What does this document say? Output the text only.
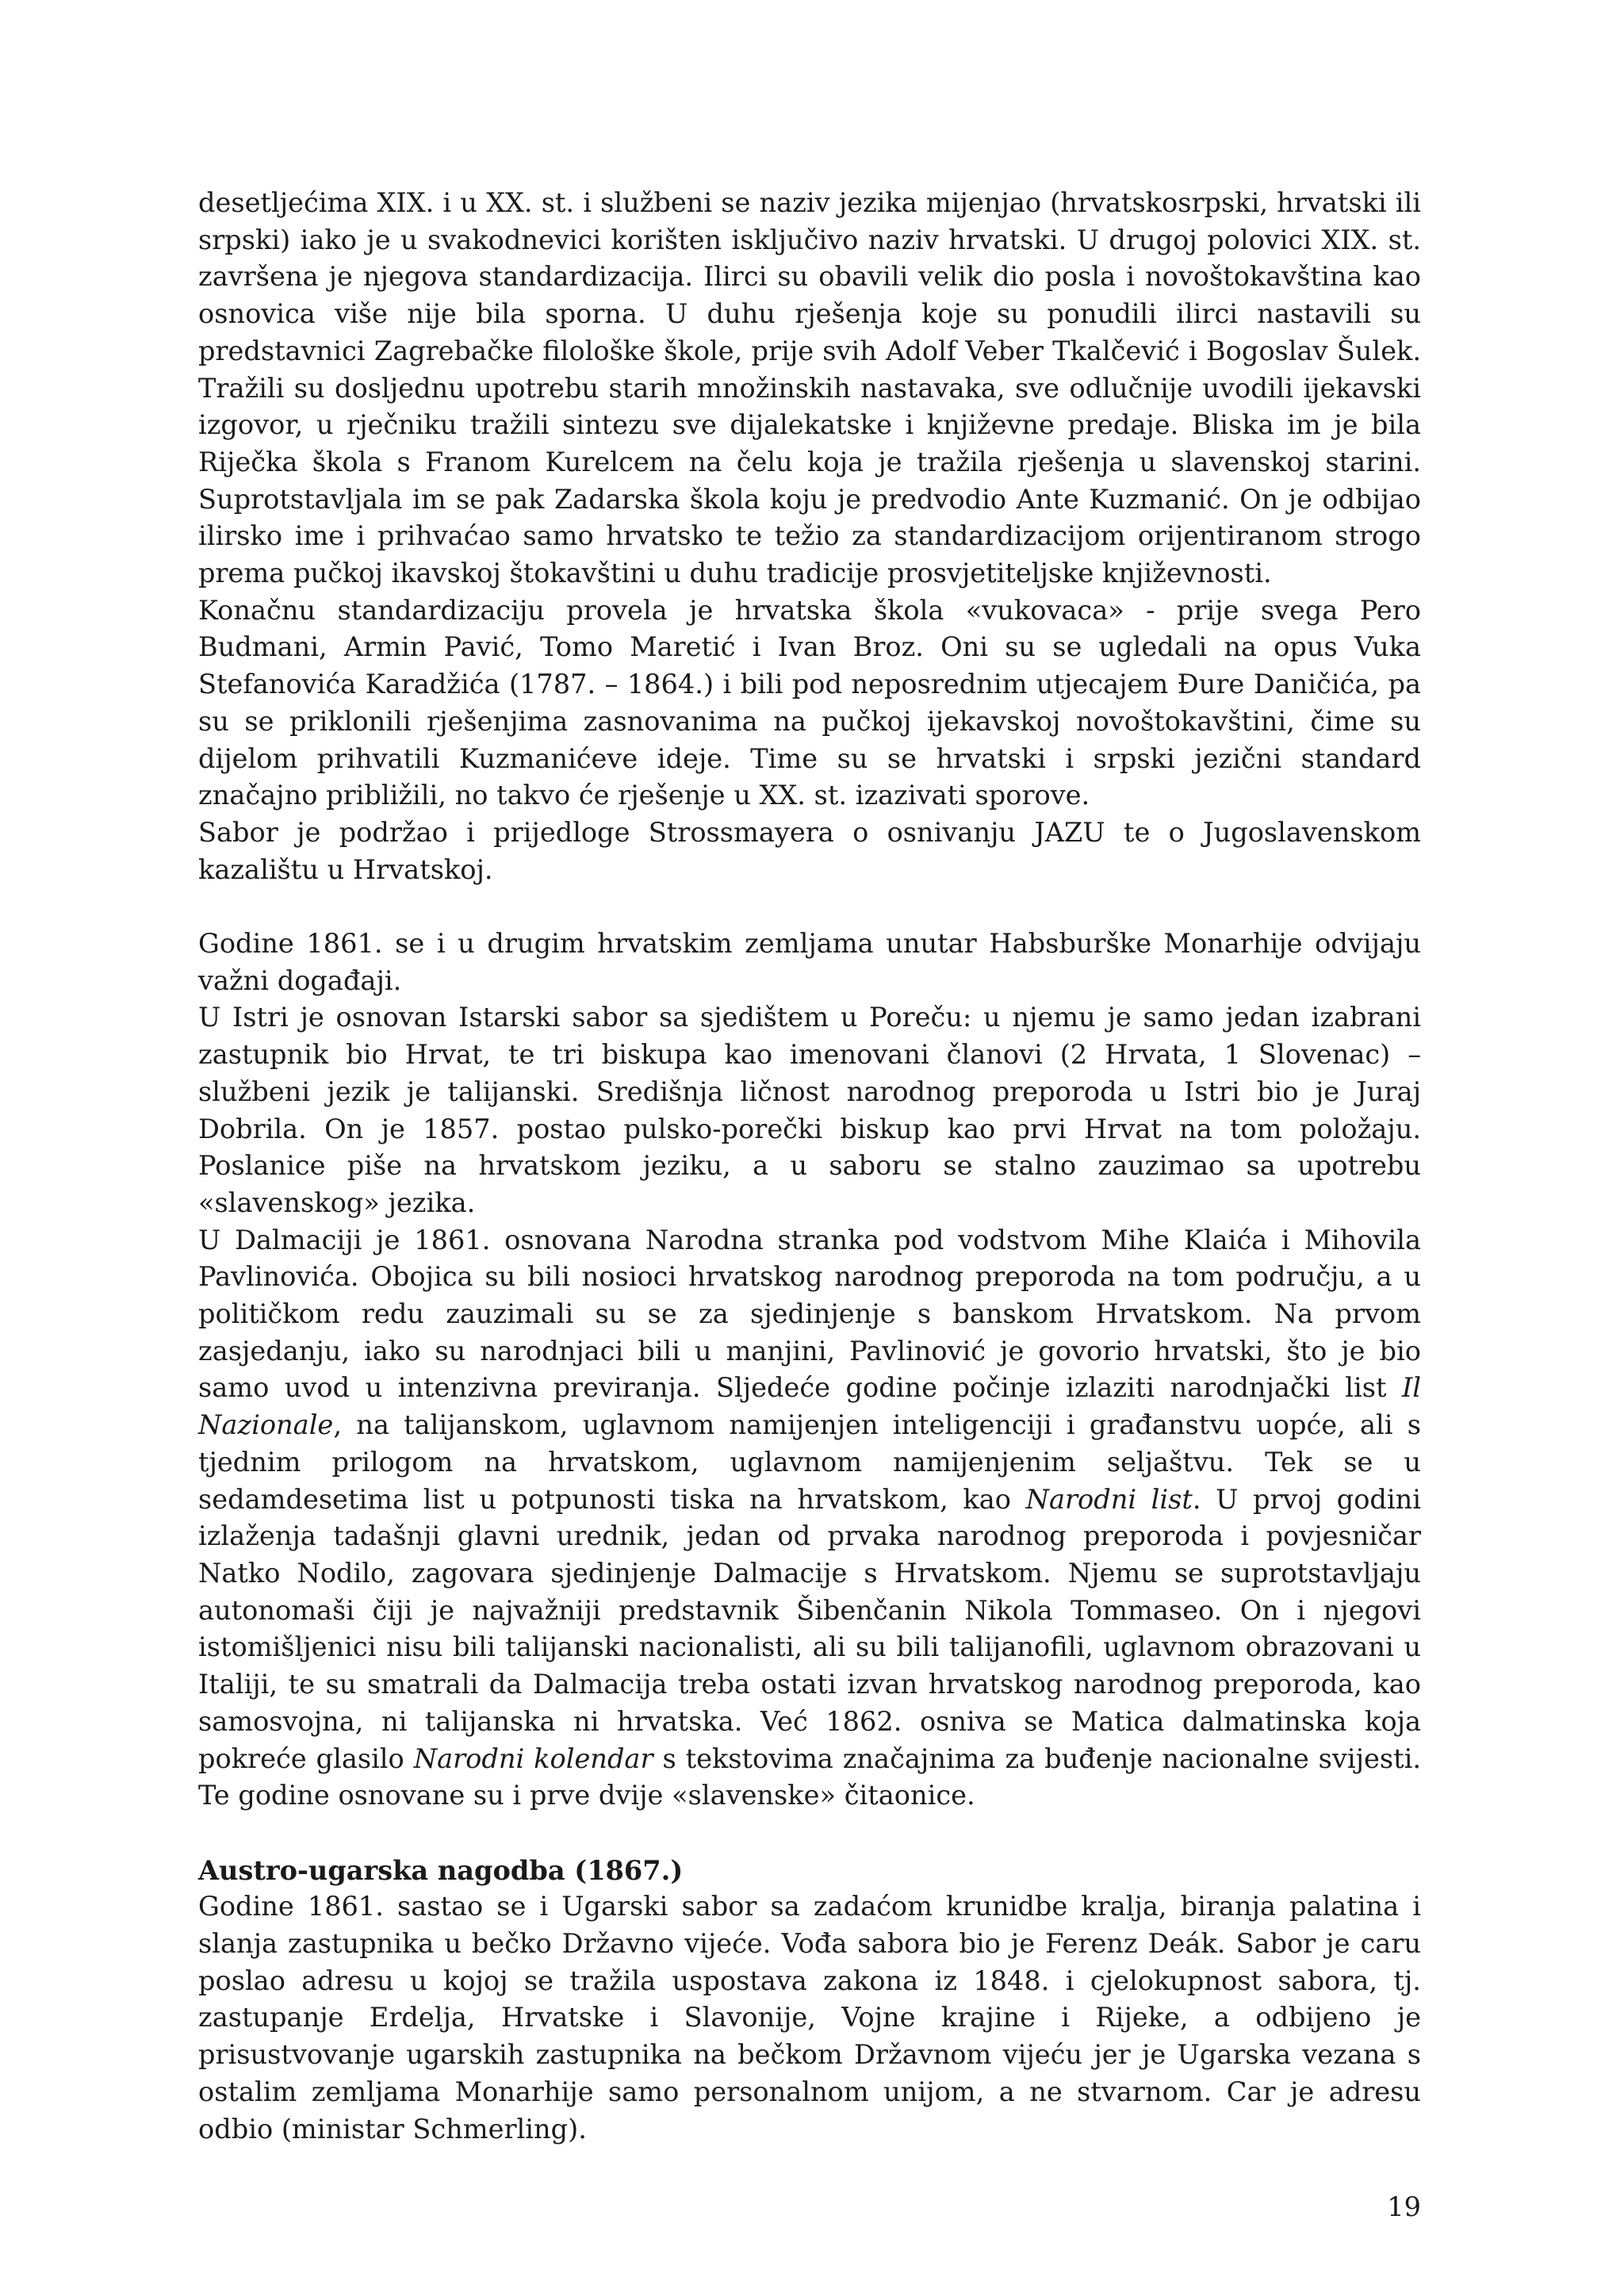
desetljećima XIX. i u XX. st. i službeni se naziv jezika mijenjao (hrvatskosrpski, hrvatski ili srpski) iako je u svakodnevici korišten isključivo naziv hrvatski. U drugoj polovici XIX. st. završena je njegova standardizacija. Ilirci su obavili velik dio posla i novoštokavština kao osnovica više nije bila sporna. U duhu rješenja koje su ponudili ilirci nastavili su predstavnici Zagrebačke filološke škole, prije svih Adolf Veber Tkalčević i Bogoslav Šulek. Tražili su dosljednu upotrebu starih množinskih nastavaka, sve odlučnije uvodili ijekavski izgovor, u rječniku tražili sintezu sve dijalekatske i književne predaje. Bliska im je bila Riječka škola s Franom Kurelcem na čelu koja je tražila rješenja u slavenskoj starini. Suprotstavljala im se pak Zadarska škola koju je predvodio Ante Kuzmanić. On je odbijao ilirsko ime i prihvaćao samo hrvatsko te težio za standardizacijom orijentiranom strogo prema pučkoj ikavskoj štokavštini u duhu tradicije prosvjetiteljske književnosti.

Konačnu standardizaciju provela je hrvatska škola «vukovaca» - prije svega Pero Budmani, Armin Pavić, Tomo Maretić i Ivan Broz. Oni su se ugledali na opus Vuka Stefanovića Karadžića (1787. – 1864.) i bili pod neposrednim utjecajem Đure Daničića, pa su se priklonili rješenjima zasnovanima na pučkoj ijekavskoj novoštokavštini, čime su dijelom prihvatili Kuzmanićeve ideje. Time su se hrvatski i srpski jezični standard značajno približili, no takvo će rješenje u XX. st. izazivati sporove.

Sabor je podržao i prijedloge Strossmayera o osnivanju JAZU te o Jugoslavenskom kazalištu u Hrvatskoj.

Godine 1861. se i u drugim hrvatskim zemljama unutar Habsburške Monarhije odvijaju važni događaji.

U Istri je osnovan Istarski sabor sa sjedištem u Poreču: u njemu je samo jedan izabrani zastupnik bio Hrvat, te tri biskupa kao imenovani članovi (2 Hrvata, 1 Slovenac) – službeni jezik je talijanski. Središnja ličnost narodnog preporoda u Istri bio je Juraj Dobrila. On je 1857. postao pulsko-porečki biskup kao prvi Hrvat na tom položaju. Poslanice piše na hrvatskom jeziku, a u saboru se stalno zauzimao sa upotrebu «slavenskog» jezika.

U Dalmaciji je 1861. osnovana Narodna stranka pod vodstvom Mihe Klaića i Mihovila Pavlinovića. Obojica su bili nosioci hrvatskog narodnog preporoda na tom području, a u političkom redu zauzimali su se za sjedinjenje s banskom Hrvatskom. Na prvom zasjedanju, iako su narodnjaci bili u manjini, Pavlinović je govorio hrvatski, što je bio samo uvod u intenzivna previranja. Sljedeće godine počinje izlaziti narodnjački list Il Nazionale, na talijanskom, uglavnom namijenjen inteligenciji i građanstvu uopće, ali s tjednim prilogom na hrvatskom, uglavnom namijenjenim seljaštvu. Tek se u sedamdesetima list u potpunosti tiska na hrvatskom, kao Narodni list. U prvoj godini izlaženja tadašnji glavni urednik, jedan od prvaka narodnog preporoda i povjesničar Natko Nodilo, zagovara sjedinjenje Dalmacije s Hrvatskom. Njemu se suprotstavljaju autonomaši čiji je najvažniji predstavnik Šibenčanin Nikola Tommaseo. On i njegovi istomišljenici nisu bili talijanski nacionalisti, ali su bili talijanofili, uglavnom obrazovani u Italiji, te su smatrali da Dalmacija treba ostati izvan hrvatskog narodnog preporoda, kao samosvojna, ni talijanska ni hrvatska. Već 1862. osniva se Matica dalmatinska koja pokreće glasilo Narodni kolendar s tekstovima značajnima za buđenje nacionalne svijesti. Te godine osnovane su i prve dvije «slavenske» čitaonice.

Austro-ugarska nagodba (1867.)

Godine 1861. sastao se i Ugarski sabor sa zadaćom krunidbe kralja, biranja palatina i slanja zastupnika u bečko Državno vijeće. Vođa sabora bio je Ferenz Deák. Sabor je caru poslao adresu u kojoj se tražila uspostava zakona iz 1848. i cjelokupnost sabora, tj. zastupanje Erdelja, Hrvatske i Slavonije, Vojne krajine i Rijeke, a odbijeno je prisustvovanje ugarskih zastupnika na bečkom Državnom vijeću jer je Ugarska vezana s ostalim zemljama Monarhije samo personalnom unijom, a ne stvarnom. Car je adresu odbio (ministar Schmerling).

19
